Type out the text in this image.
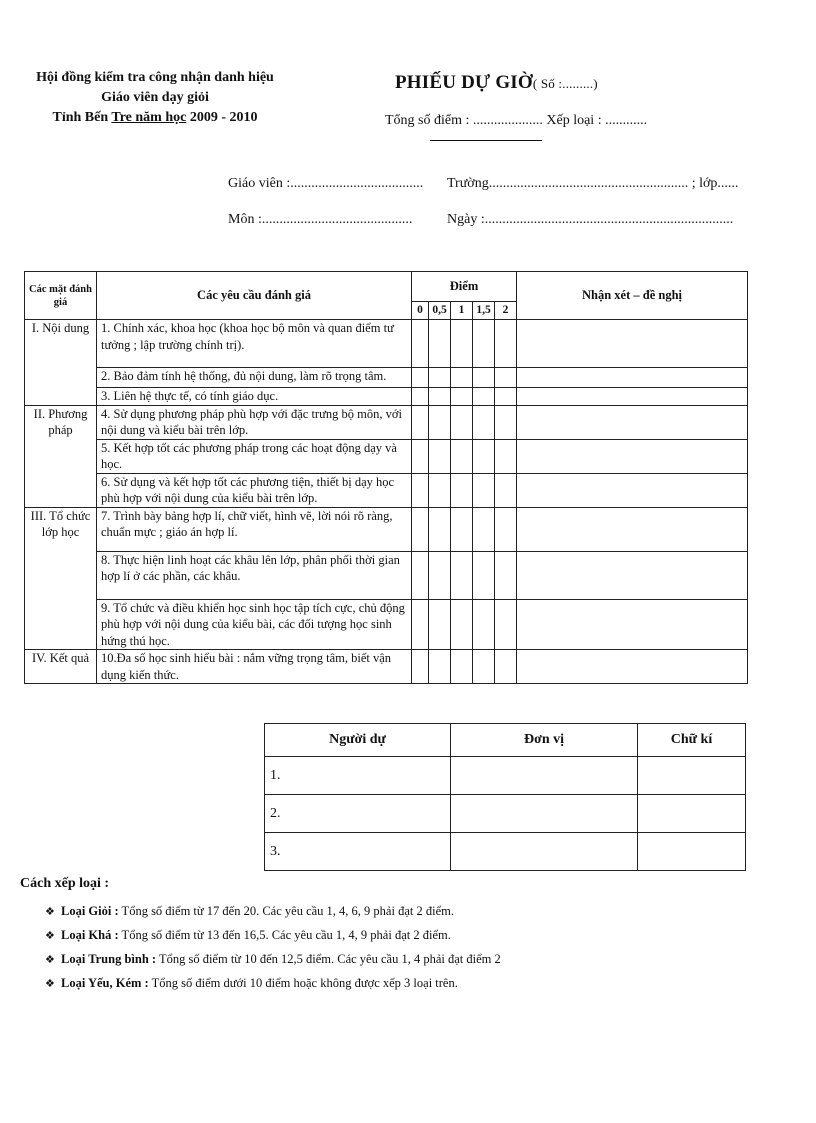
Hội đồng kiểm tra công nhận danh hiệu
Giáo viên dạy giỏi
Tỉnh Bến Tre năm học 2009 - 2010
PHIẾU DỰ GIỜ( Số :.........)
Tổng số điểm : .................... Xếp loại : ............
Giáo viên :...................................... Trường......................................................... ; lớp......
Môn :........................................... Ngày :.......................................................................
Các mặt đánh giá	Các yêu cầu đánh giá	Điểm					Nhận xét – đề nghị
		0	0,5	1	1,5	2	
I. Nội dung	1. Chính xác, khoa học (khoa học bộ môn và quan điểm tư tưởng ; lập trường chính trị).						
	2. Bảo đảm tính hệ thống, đủ nội dung, làm rõ trọng tâm.						
	3. Liên hệ thực tế, có tính giáo dục.						
II. Phương pháp	4. Sử dụng phương pháp phù hợp với đặc trưng bộ môn, với nội dung và kiểu bài trên lớp.						
	5. Kết hợp tốt các phương pháp trong các hoạt động dạy và học.						
	6. Sử dụng và kết hợp tốt các phương tiện, thiết bị dạy học phù hợp với nội dung của kiểu bài trên lớp.						
III. Tổ chức lớp học	7. Trình bày bảng hợp lí, chữ viết, hình vẽ, lời nói rõ ràng, chuẩn mực ; giáo án hợp lí.						
	8. Thực hiện linh hoạt các khâu lên lớp, phân phối thời gian hợp lí ở các phần, các khâu.						
	9. Tổ chức và điều khiển học sinh học tập tích cực, chủ động phù hợp với nội dung của kiểu bài, các đối tượng học sinh hứng thú học.						
IV. Kết quả	10.Đa số học sinh hiểu bài : nắm vững trọng tâm, biết vận dụng kiến thức.						
Người dự	Đơn vị	Chữ kí
1.		
2.		
3.		
Cách xếp loại :
❖ Loại Giỏi : Tổng số điểm từ 17 đến 20. Các yêu cầu 1, 4, 6, 9 phải đạt 2 điểm.
❖ Loại Khá : Tổng số điểm từ 13 đến 16,5. Các yêu cầu 1, 4, 9 phải đạt 2 điểm.
❖ Loại Trung bình : Tổng số điểm từ 10 đến 12,5 điểm. Các yêu cầu 1, 4 phải đạt điểm 2
❖ Loại Yếu, Kém : Tổng số điểm dưới 10 điểm hoặc không được xếp 3 loại trên.
